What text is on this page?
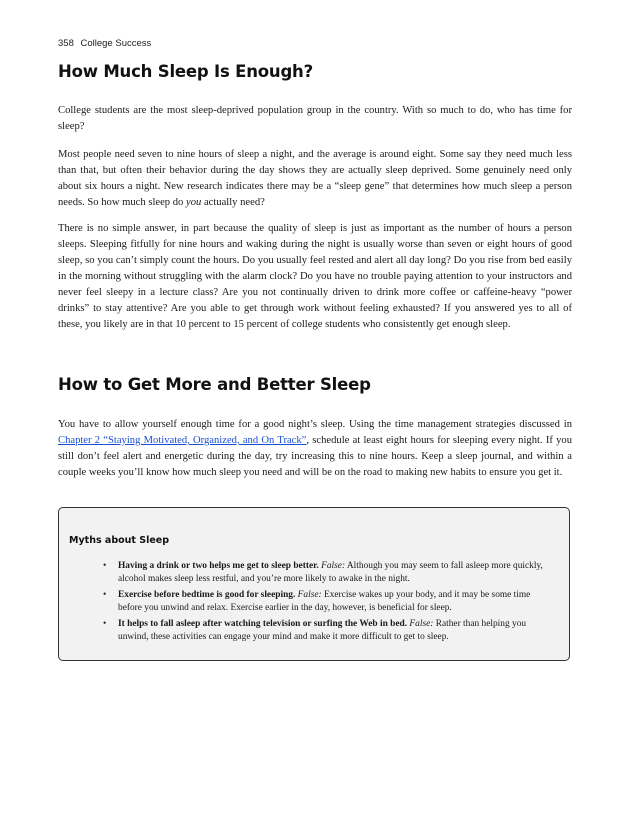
358 College Success
How Much Sleep Is Enough?

College students are the most sleep-deprived population group in the country. With so much to do, who has time for sleep?

Most people need seven to nine hours of sleep a night, and the average is around eight. Some say they need much less than that, but often their behavior during the day shows they are actually sleep deprived. Some genuinely need only about six hours a night. New research indicates there may be a “sleep gene” that determines how much sleep a person needs. So how much sleep do you actually need?

There is no simple answer, in part because the quality of sleep is just as important as the number of hours a person sleeps. Sleeping fitfully for nine hours and waking during the night is usually worse than seven or eight hours of good sleep, so you can’t simply count the hours. Do you usually feel rested and alert all day long? Do you rise from bed easily in the morning without struggling with the alarm clock? Do you have no trouble paying attention to your instructors and never feel sleepy in a lecture class? Are you not continually driven to drink more coffee or caffeine-heavy “power drinks” to stay attentive? Are you able to get through work without feeling exhausted? If you answered yes to all of these, you likely are in that 10 percent to 15 percent of college students who consistently get enough sleep.

How to Get More and Better Sleep

You have to allow yourself enough time for a good night’s sleep. Using the time management strategies discussed in Chapter 2 “Staying Motivated, Organized, and On Track”, schedule at least eight hours for sleeping every night. If you still don’t feel alert and energetic during the day, try increasing this to nine hours. Keep a sleep journal, and within a couple weeks you’ll know how much sleep you need and will be on the road to making new habits to ensure you get it.

Myths about Sleep
• Having a drink or two helps me get to sleep better. False: Although you may seem to fall asleep more quickly, alcohol makes sleep less restful, and you’re more likely to awake in the night.
• Exercise before bedtime is good for sleeping. False: Exercise wakes up your body, and it may be some time before you unwind and relax. Exercise earlier in the day, however, is beneficial for sleep.
• It helps to fall asleep after watching television or surfing the Web in bed. False: Rather than helping you unwind, these activities can engage your mind and make it more difficult to get to sleep.
